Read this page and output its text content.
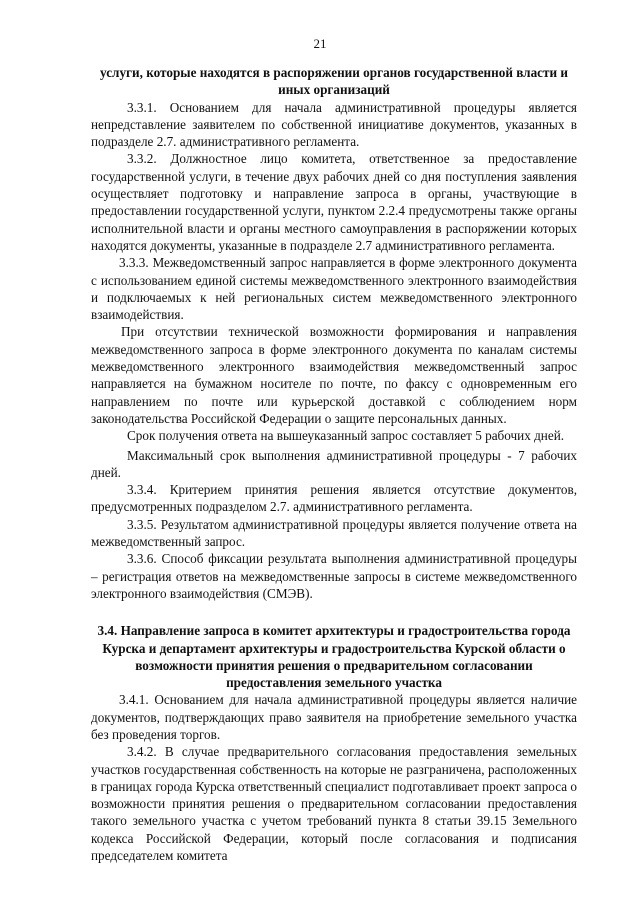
21

услуги, которые находятся в распоряжении органов государственной власти и иных организаций

3.3.1. Основанием для начала административной процедуры является непредставление заявителем по собственной инициативе документов, указанных в подразделе 2.7. административного регламента.

3.3.2. Должностное лицо комитета, ответственное за предоставление государственной услуги, в течение двух рабочих дней со дня поступления заявления осуществляет подготовку и направление запроса в органы, участвующие в предоставлении государственной услуги, пунктом 2.2.4 предусмотрены также органы исполнительной власти и органы местного самоуправления в распоряжении которых находятся документы, указанные в подразделе 2.7 административного регламента.

3.3.3. Межведомственный запрос направляется в форме электронного документа с использованием единой системы межведомственного электронного взаимодействия и подключаемых к ней региональных систем межведомственного электронного взаимодействия.

При отсутствии технической возможности формирования и направления межведомственного запроса в форме электронного документа по каналам системы межведомственного электронного взаимодействия межведомственный запрос направляется на бумажном носителе по почте, по факсу с одновременным его направлением по почте или курьерской доставкой с соблюдением норм законодательства Российской Федерации о защите персональных данных.

Срок получения ответа на вышеуказанный запрос составляет 5 рабочих дней.

Максимальный срок выполнения административной процедуры - 7 рабочих дней.

3.3.4. Критерием принятия решения является отсутствие документов, предусмотренных подразделом 2.7. административного регламента.

3.3.5. Результатом административной процедуры является получение ответа на межведомственный запрос.

3.3.6. Способ фиксации результата выполнения административной процедуры – регистрация ответов на межведомственные запросы в системе межведомственного электронного взаимодействия (СМЭВ).

3.4. Направление запроса в комитет архитектуры и градостроительства города Курска и департамент архитектуры и градостроительства Курской области о возможности принятия решения о предварительном согласовании предоставления земельного участка

3.4.1. Основанием для начала административной процедуры является наличие документов, подтверждающих право заявителя на приобретение земельного участка без проведения торгов.

3.4.2. В случае предварительного согласования предоставления земельных участков государственная собственность на которые не разграничена, расположенных в границах города Курска ответственный специалист подготавливает проект запроса о возможности принятия решения о предварительном согласовании предоставления такого земельного участка с учетом требований пункта 8 статьи 39.15 Земельного кодекса Российской Федерации, который после согласования и подписания председателем комитета
